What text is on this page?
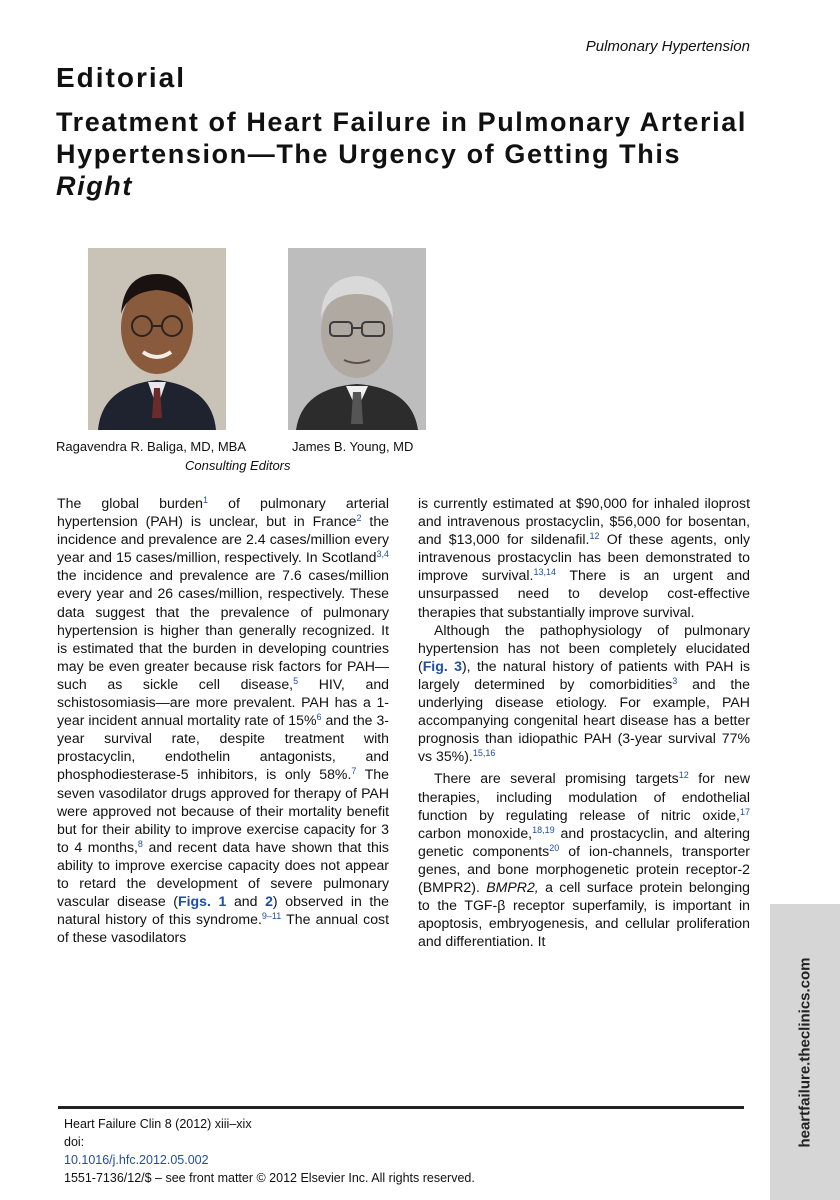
Pulmonary Hypertension
Editorial
Treatment of Heart Failure in Pulmonary Arterial Hypertension—The Urgency of Getting This Right
Ragavendra R. Baliga, MD, MBA	James B. Young, MD
Consulting Editors

The global burden$^1$ of pulmonary arterial hypertension (PAH) is unclear, but in France$^2$ the incidence and prevalence are 2.4 cases/million every year and 15 cases/million, respectively. In Scotland$^{3,4}$ the incidence and prevalence are 7.6 cases/million every year and 26 cases/million, respectively. These data suggest that the prevalence of pulmonary hypertension is higher than generally recognized. It is estimated that the burden in developing countries may be even greater because risk factors for PAH—such as sickle cell disease,$^5$ HIV, and schistosomiasis—are more prevalent. PAH has a 1-year incident annual mortality rate of 15%$^6$ and the 3-year survival rate, despite treatment with prostacyclin, endothelin antagonists, and phosphodiesterase-5 inhibitors, is only 58%.$^7$ The seven vasodilator drugs approved for therapy of PAH were approved not because of their mortality benefit but for their ability to improve exercise capacity for 3 to 4 months,$^8$ and recent data have shown that this ability to improve exercise capacity does not appear to retard the development of severe pulmonary vascular disease (Figs. 1 and 2) observed in the natural history of this syndrome.$^{9-11}$ The annual cost of these vasodilators

is currently estimated at $90,000 for inhaled iloprost and intravenous prostacyclin, $56,000 for bosentan, and $13,000 for sildenafil.$^{12}$ Of these agents, only intravenous prostacyclin has been demonstrated to improve survival.$^{13,14}$ There is an urgent and unsurpassed need to develop cost-effective therapies that substantially improve survival.

Although the pathophysiology of pulmonary hypertension has not been completely elucidated (Fig. 3), the natural history of patients with PAH is largely determined by comorbidities$^3$ and the underlying disease etiology. For example, PAH accompanying congenital heart disease has a better prognosis than idiopathic PAH (3-year survival 77% vs 35%).$^{15,16}$

There are several promising targets$^{12}$ for new therapies, including modulation of endothelial function by regulating release of nitric oxide,$^{17}$ carbon monoxide,$^{18,19}$ and prostacyclin, and altering genetic components$^{20}$ of ion-channels, transporter genes, and bone morphogenetic protein receptor-2 (BMPR2). BMPR2, a cell surface protein belonging to the TGF-β receptor superfamily, is important in apoptosis, embryogenesis, and cellular proliferation and differentiation. It

heartfailure.theclinics.com
Heart Failure Clin 8 (2012) xiii–xix
doi:
10.1016/j.hfc.2012.05.002
1551-7136/12/$ – see front matter © 2012 Elsevier Inc. All rights reserved.
